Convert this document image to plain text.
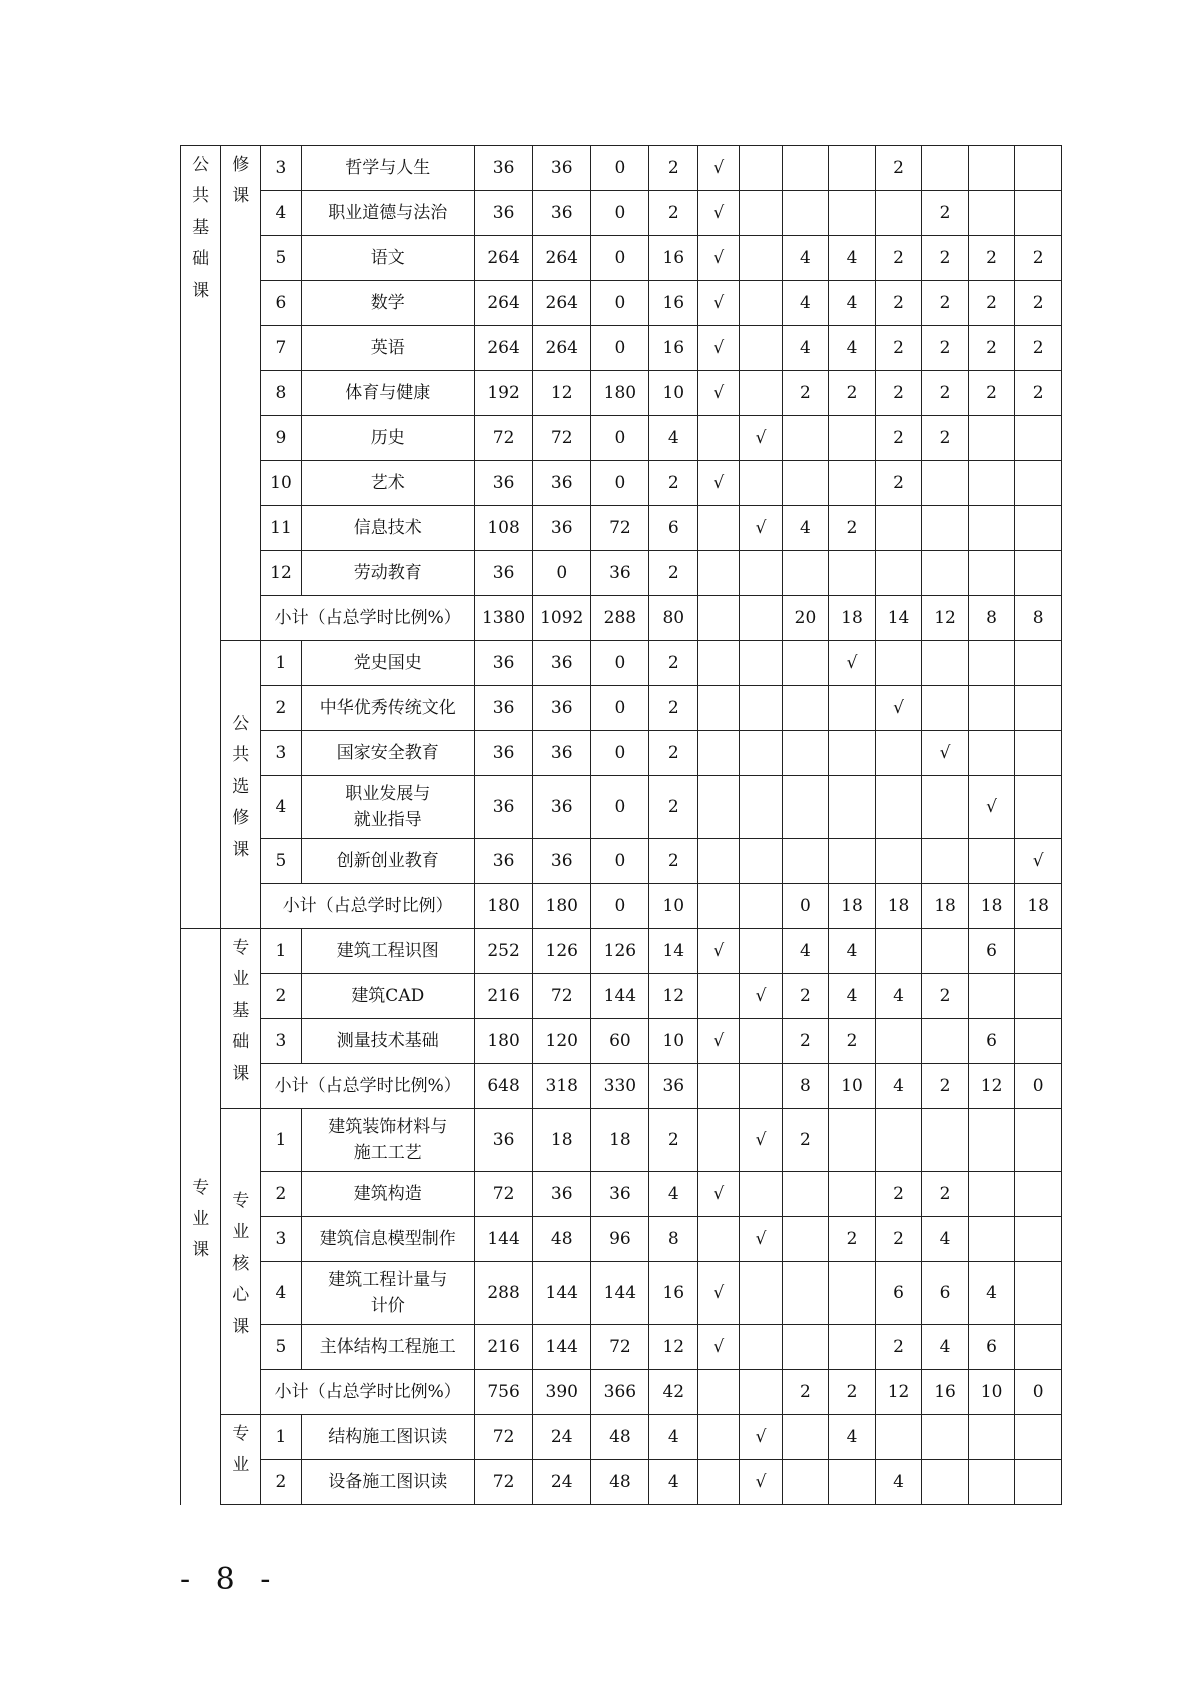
公共基础课	修课	3	哲学与人生	36	36	0	2	√				2			
		4	职业道德与法治	36	36	0	2	√					2		
		5	语文	264	264	0	16	√		4	4	2	2	2	2
		6	数学	264	264	0	16	√		4	4	2	2	2	2
		7	英语	264	264	0	16	√		4	4	2	2	2	2
		8	体育与健康	192	12	180	10	√		2	2	2	2	2	2
		9	历史	72	72	0	4		√			2	2		
		10	艺术	36	36	0	2	√				2			
		11	信息技术	108	36	72	6		√	4	2				
		12	劳动教育	36	0	36	2								
		小计（占总学时比例%）		1380	1092	288	80			20	18	14	12	8	8
	公共选修课	1	党史国史	36	36	0	2				√				
		2	中华优秀传统文化	36	36	0	2					√			
		3	国家安全教育	36	36	0	2						√		
		4	职业发展与
就业指导	36	36	0	2							√	
		5	创新创业教育	36	36	0	2								√
		小计（占总学时比例）		180	180	0	10			0	18	18	18	18	18
专业课	专业基础课	1	建筑工程识图	252	126	126	14	√		4	4			6	
		2	建筑CAD	216	72	144	12		√	2	4	4	2		
		3	测量技术基础	180	120	60	10	√		2	2			6	
		小计（占总学时比例%）		648	318	330	36			8	10	4	2	12	0
	专业核心课	1	建筑装饰材料与
施工工艺	36	18	18	2		√	2					
		2	建筑构造	72	36	36	4	√				2	2		
		3	建筑信息模型制作	144	48	96	8		√		2	2	4		
		4	建筑工程计量与
计价	288	144	144	16	√				6	6	4	
		5	主体结构工程施工	216	144	72	12	√				2	4	6	
		小计（占总学时比例%）		756	390	366	42			2	2	12	16	10	0
	专业	1	结构施工图识读	72	24	48	4		√		4				
		2	设备施工图识读	72	24	48	4		√			4			
- 8 -
